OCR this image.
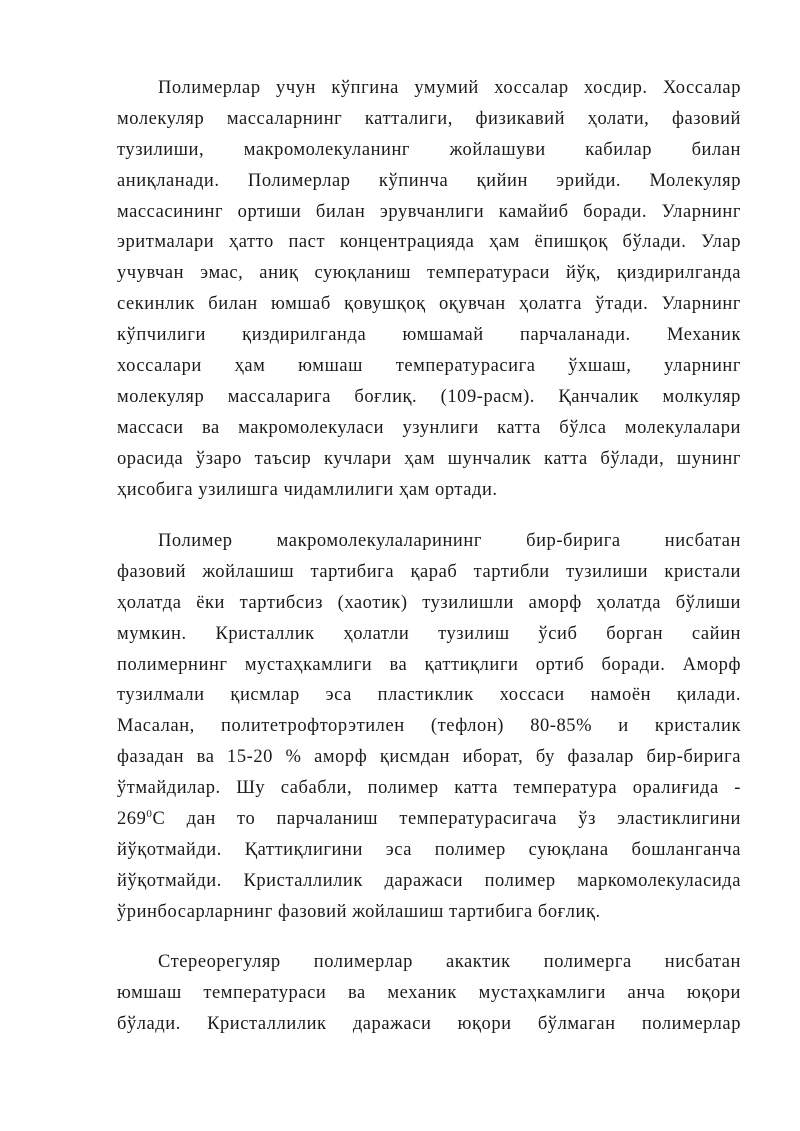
Полимерлар учун кўпгина умумий хоссалар хосдир. Хоссалар
молекуляр массаларнинг катталиги, физикавий ҳолати, фазовий
тузилиши, макромолекуланинг жойлашуви кабилар билан
аниқланади. Полимерлар кўпинча қийин эрийди. Молекуляр
массасининг ортиши билан эрувчанлиги камайиб боради. Уларнинг
эритмалари ҳатто паст концентрацияда ҳам ёпишқоқ бўлади. Улар
учувчан эмас, аниқ суюқланиш температураси йўқ, қиздирилганда
секинлик билан юмшаб қовушқоқ оқувчан ҳолатга ўтади. Уларнинг
кўпчилиги қиздирилганда юмшамай парчаланади. Механик
хоссалари ҳам юмшаш температурасига ўхшаш, уларнинг
молекуляр массаларига боғлиқ. (109-расм). Қанчалик молкуляр
массаси ва макромолекуласи узунлиги катта бўлса молекулалари
орасида ўзаро таъсир кучлари ҳам шунчалик катта бўлади, шунинг
ҳисобига узилишга чидамлилиги ҳам ортади.
Полимер макромолекулаларининг бир-бирига нисбатан
фазовий жойлашиш тартибига қараб тартибли тузилиши кристали
ҳолатда ёки тартибсиз (хаотик) тузилишли аморф ҳолатда бўлиши
мумкин. Кристаллик ҳолатли тузилиш ўсиб борган сайин
полимернинг мустаҳкамлиги ва қаттиқлиги ортиб боради. Аморф
тузилмали қисмлар эса пластиклик хоссаси намоён қилади.
Масалан, политетрофторэтилен (тефлон) 80-85% и кристалик
фазадан ва 15-20 % аморф қисмдан иборат, бу фазалар бир-бирига
ўтмайдилар. Шу сабабли, полимер катта температура оралиғида -
$269^0C$ дан то парчаланиш температурасигача ўз эластиклигини
йўқотмайди. Қаттиқлигини эса полимер суюқлана бошланганча
йўқотмайди. Кристаллилик даражаси полимер маркомолекуласида
ўринбосарларнинг фазовий жойлашиш тартибига боғлиқ.
Стереорегуляр полимерлар акактик полимерга нисбатан
юмшаш температураси ва механик мустаҳкамлиги анча юқори
бўлади. Кристаллилик даражаси юқори бўлмаган полимерлар
